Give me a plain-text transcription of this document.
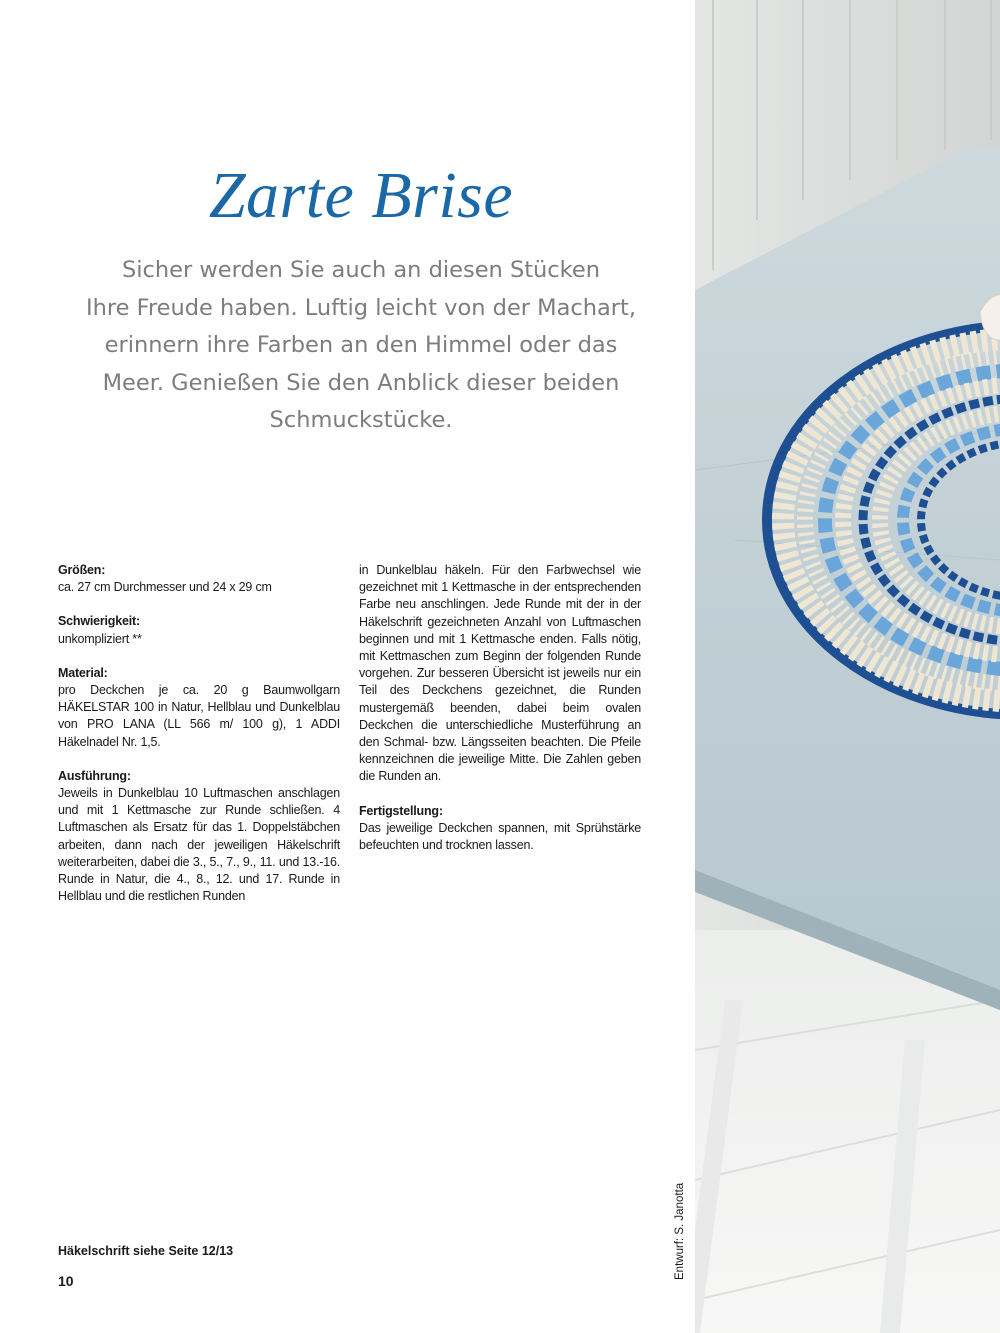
Zarte Brise
Sicher werden Sie auch an diesen Stücken
Ihre Freude haben. Luftig leicht von der Machart,
erinnern ihre Farben an den Himmel oder das
Meer. Genießen Sie den Anblick dieser beiden
Schmuckstücke.
Größen:
ca. 27 cm Durchmesser und 24 x 29 cm
Schwierigkeit:
unkompliziert **
Material:
pro Deckchen je ca. 20 g Baumwollgarn HÄKELSTAR 100 in Natur, Hellblau und Dunkelblau von PRO LANA (LL 566 m/ 100 g), 1 ADDI Häkelnadel Nr. 1,5.
Ausführung:
Jeweils in Dunkelblau 10 Luftmaschen anschlagen und mit 1 Kettmasche zur Runde schließen. 4 Luftmaschen als Ersatz für das 1. Doppelstäbchen arbeiten, dann nach der jeweiligen Häkelschrift weiterarbeiten, dabei die 3., 5., 7., 9., 11. und 13.-16. Runde in Natur, die 4., 8., 12. und 17. Runde in Hellblau und die restlichen Runden
in Dunkelblau häkeln. Für den Farbwechsel wie gezeichnet mit 1 Kettmasche in der entsprechenden Farbe neu anschlingen. Jede Runde mit der in der Häkelschrift gezeichneten Anzahl von Luftmaschen beginnen und mit 1 Kettmasche enden. Falls nötig, mit Kettmaschen zum Beginn der folgenden Runde vorgehen. Zur besseren Übersicht ist jeweils nur ein Teil des Deckchens gezeichnet, die Runden mustergemäß beenden, dabei beim ovalen Deckchen die unterschiedliche Musterführung an den Schmal- bzw. Längsseiten beachten. Die Pfeile kennzeichnen die jeweilige Mitte. Die Zahlen geben die Runden an.
Fertigstellung:
Das jeweilige Deckchen spannen, mit Sprühstärke befeuchten und trocknen lassen.
Häkelschrift siehe Seite 12/13
10
Entwurf: S. Janotta
